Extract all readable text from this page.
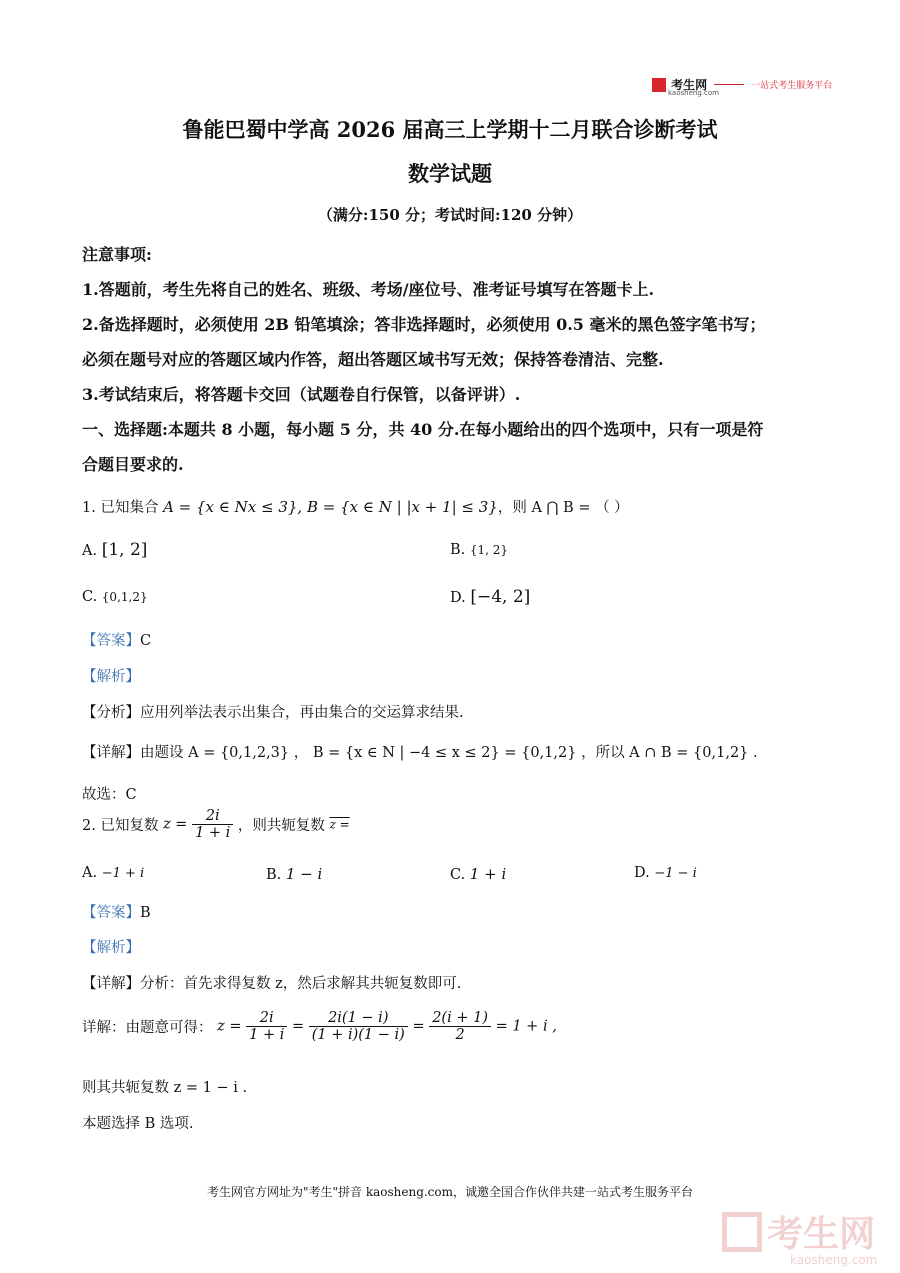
考生网	一站式考生服务平台
kaosheng.com
鲁能巴蜀中学高 2026 届高三上学期十二月联合诊断考试
数学试题
（满分:150 分；考试时间:120 分钟）
注意事项:
1.答题前，考生先将自己的姓名、班级、考场/座位号、准考证号填写在答题卡上.
2.备选择题时，必须使用 2B 铅笔填涂；答非选择题时，必须使用 0.5 毫米的黑色签字笔书写；
必须在题号对应的答题区域内作答，超出答题区域书写无效；保持答卷清洁、完整.
3.考试结束后，将答题卡交回（试题卷自行保管，以备评讲）.
一、选择题:本题共 8 小题，每小题 5 分，共 40 分.在每小题给出的四个选项中，只有一项是符
合题目要求的.
1. 已知集合 A = {x ∈ Nx ≤ 3}, B = {x ∈ N | |x + 1| ≤ 3}，则 A ⋂ B = （ ）
A. [1, 2]	B. {1, 2}
C. {0,1,2}	D. [−4, 2]
【答案】C
【解析】
【分析】应用列举法表示出集合，再由集合的交运算求结果.
【详解】由题设 A = {0,1,2,3} ， B = {x ∈ N | −4 ≤ x ≤ 2} = {0,1,2} ，所以 A ∩ B = {0,1,2} .
故选：C
2. 已知复数 $z = \frac{2i}{1 + i}$ ，则共轭复数 z =
A. −1 + i	B. 1 − i	C. 1 + i	D. −1 − i
【答案】B
【解析】
【详解】分析：首先求得复数 z，然后求解其共轭复数即可.
详解：由题意可得： $z = \frac{2i}{1 + i} = \frac{2i(1 - i)}{(1 + i)(1 - i)} = \frac{2(i + 1)}{2} = 1 + i$ ,
则其共轭复数 z = 1 − i .
本题选择 B 选项.
考生网官方网址为"考生"拼音 kaosheng.com，诚邀全国合作伙伴共建一站式考生服务平台
考生网
kaosheng.com
